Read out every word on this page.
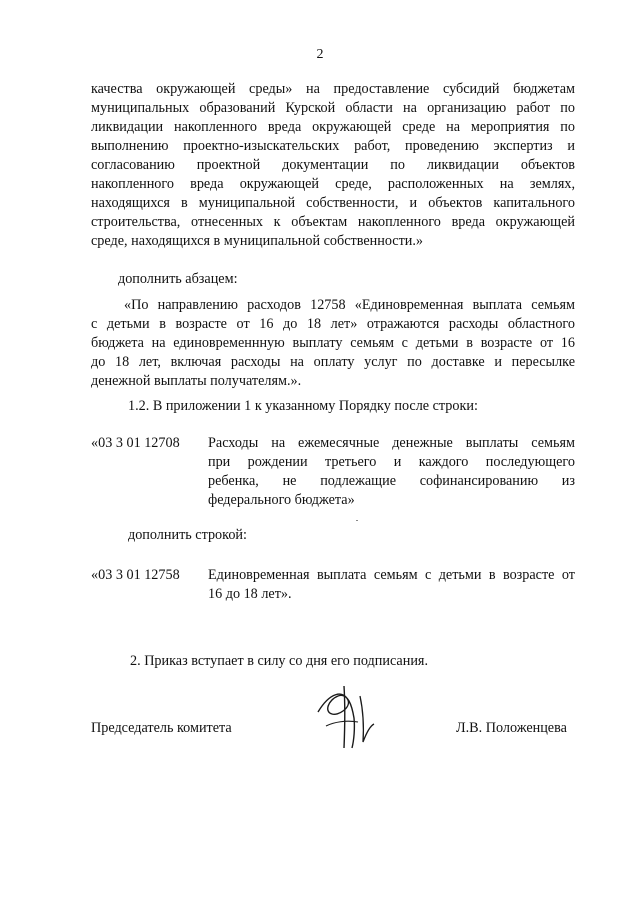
2
качества окружающей среды» на предоставление субсидий бюджетам
муниципальных образований Курской области на организацию работ по
ликвидации накопленного вреда окружающей среде на мероприятия по
выполнению проектно-изыскательских работ, проведению экспертиз и
согласованию проектной документации по ликвидации объектов
накопленного вреда окружающей среде, расположенных на землях,
находящихся в муниципальной собственности, и объектов капитального
строительства, отнесенных к объектам накопленного вреда окружающей
среде, находящихся в муниципальной собственности.»
дополнить абзацем:
«По направлению расходов 12758 «Единовременная выплата семьям
с детьми в возрасте от 16 до 18 лет» отражаются расходы областного
бюджета на единовременнную выплату семьям с детьми в возрасте от 16
до 18 лет, включая расходы на оплату услуг по доставке и пересылке
денежной выплаты получателям.».
1.2. В приложении 1 к указанному Порядку после строки:
«03 3 01 12708 Расходы на ежемесячные денежные выплаты семьям
при рождении третьего и каждого последующего
ребенка, не подлежащие софинансированию из
федерального бюджета»
дополнить строкой:
«03 3 01 12758 Единовременная выплата семьям с детьми в возрасте от
16 до 18 лет».
2. Приказ вступает в силу со дня его подписания.
Председатель комитета	Л.В. Положенцева
